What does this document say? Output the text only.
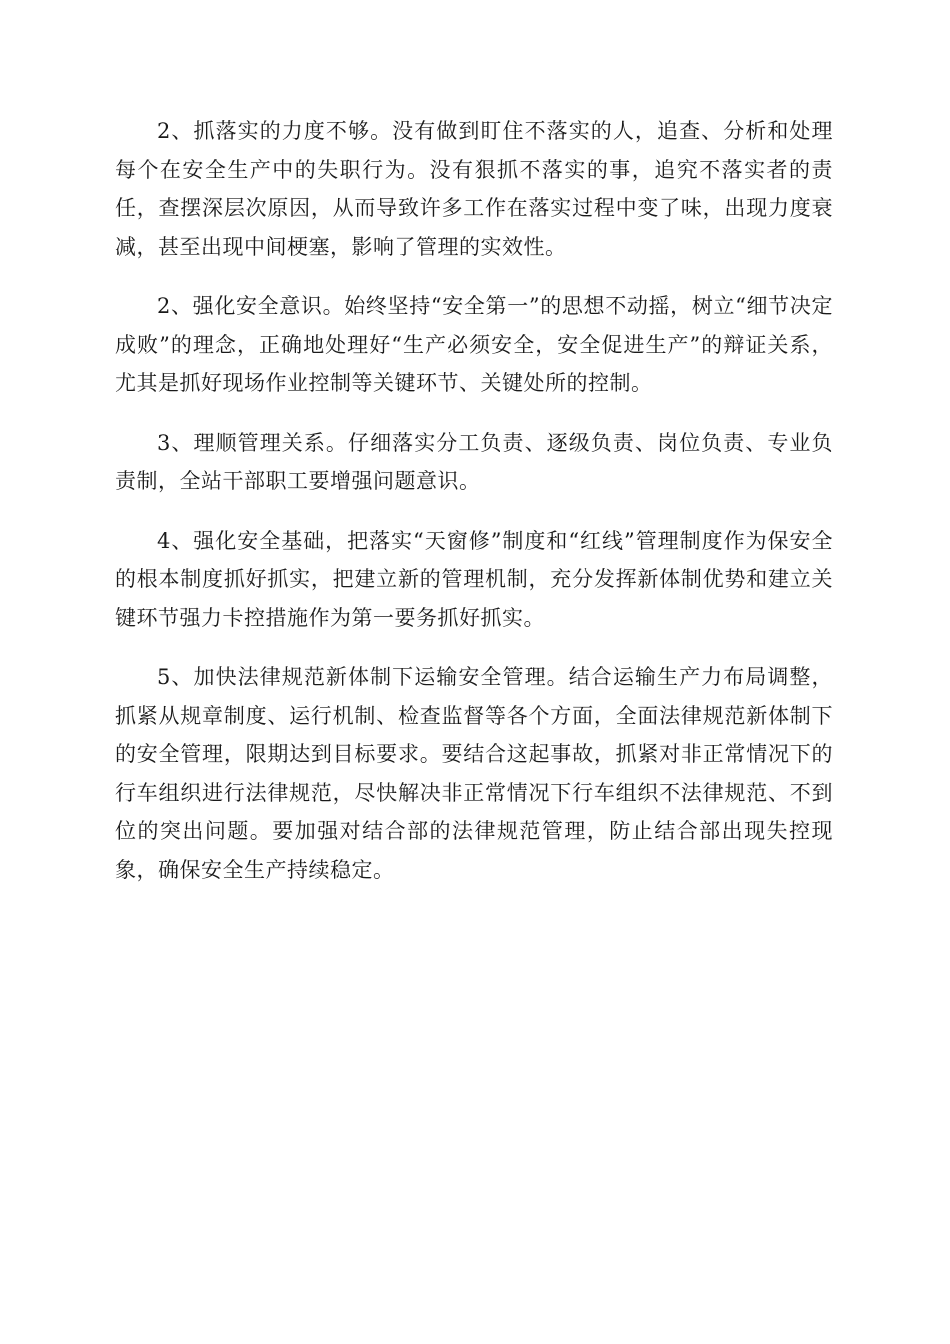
2、抓落实的力度不够。没有做到盯住不落实的人，追查、分析和处理每个在安全生产中的失职行为。没有狠抓不落实的事，追究不落实者的责任，查摆深层次原因，从而导致许多工作在落实过程中变了味，出现力度衰减，甚至出现中间梗塞，影响了管理的实效性。

2、强化安全意识。始终坚持“安全第一”的思想不动摇，树立“细节决定成败”的理念，正确地处理好“生产必须安全，安全促进生产”的辩证关系，尤其是抓好现场作业控制等关键环节、关键处所的控制。

3、理顺管理关系。仔细落实分工负责、逐级负责、岗位负责、专业负责制，全站干部职工要增强问题意识。

4、强化安全基础，把落实“天窗修”制度和“红线”管理制度作为保安全的根本制度抓好抓实，把建立新的管理机制，充分发挥新体制优势和建立关键环节强力卡控措施作为第一要务抓好抓实。

5、加快法律规范新体制下运输安全管理。结合运输生产力布局调整，抓紧从规章制度、运行机制、检查监督等各个方面，全面法律规范新体制下的安全管理，限期达到目标要求。要结合这起事故，抓紧对非正常情况下的行车组织进行法律规范，尽快解决非正常情况下行车组织不法律规范、不到位的突出问题。要加强对结合部的法律规范管理，防止结合部出现失控现象，确保安全生产持续稳定。
